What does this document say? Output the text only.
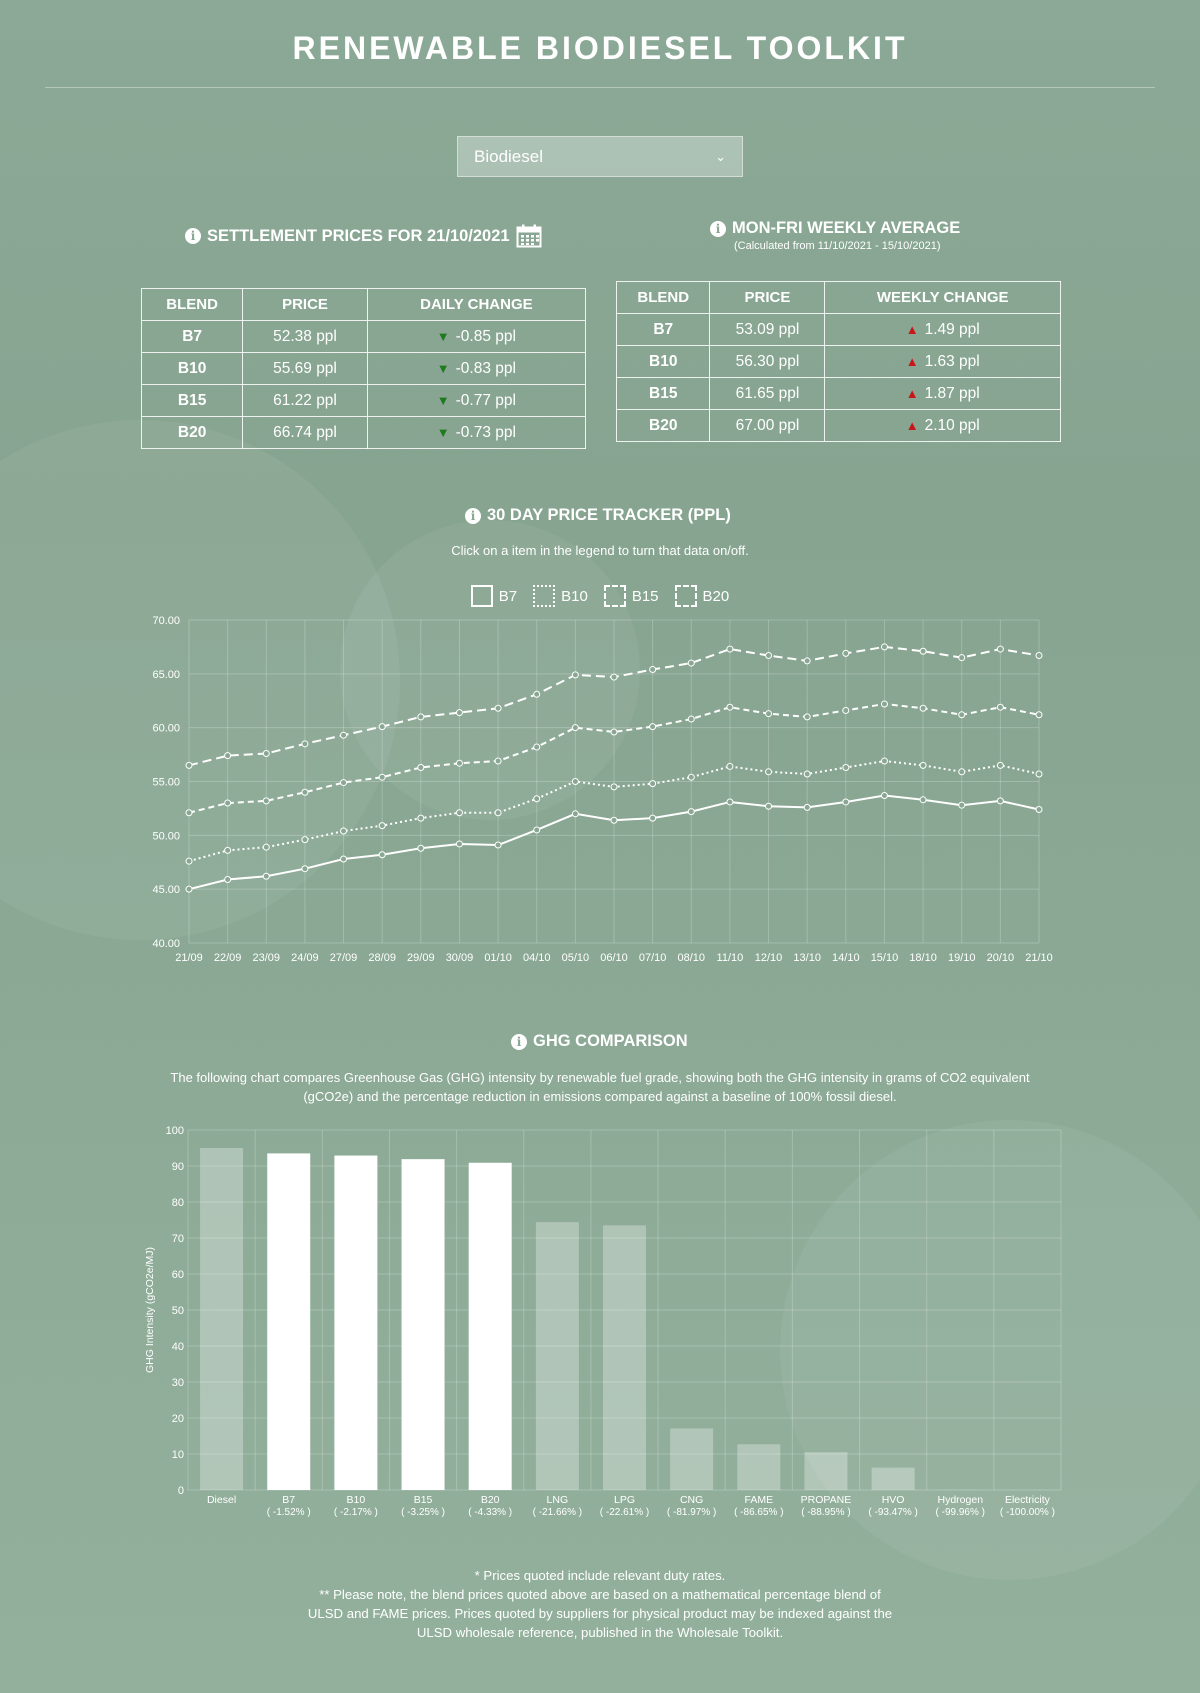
RENEWABLE BIODIESEL TOOLKIT
Biodiesel	⌄
i SETTLEMENT PRICES FOR 21/10/2021
BLEND	PRICE	DAILY CHANGE
B7	52.38 ppl	▼ -0.85 ppl
B10	55.69 ppl	▼ -0.83 ppl
B15	61.22 ppl	▼ -0.77 ppl
B20	66.74 ppl	▼ -0.73 ppl
i MON-FRI WEEKLY AVERAGE
(Calculated from 11/10/2021 - 15/10/2021)
BLEND	PRICE	WEEKLY CHANGE
B7	53.09 ppl	▲ 1.49 ppl
B10	56.30 ppl	▲ 1.63 ppl
B15	61.65 ppl	▲ 1.87 ppl
B20	67.00 ppl	▲ 2.10 ppl
i 30 DAY PRICE TRACKER (PPL)
Click on a item in the legend to turn that data on/off.
B7	B10	B15	B20
40.00
45.00
50.00
55.00
60.00
65.00
70.00
21/09 22/09 23/09 24/09 27/09 28/09 29/09 30/09 01/10 04/10 05/10 06/10 07/10 08/10 11/10 12/10 13/10 14/10 15/10 18/10 19/10 20/10 21/10
i GHG COMPARISON
The following chart compares Greenhouse Gas (GHG) intensity by renewable fuel grade, showing both the GHG intensity in grams of CO2 equivalent
(gCO2e) and the percentage reduction in emissions compared against a baseline of 100% fossil diesel.
0
10
20
30
40
50
60
70
80
90
100
GHG Intensity (gCO2e/MJ)
Diesel	B7
( -1.52% )
B10
( -2.17% )
B15
( -3.25% )
B20
( -4.33% )
LNG
( -21.66% )
LPG
( -22.61% )
CNG
( -81.97% )
FAME
( -86.65% )
PROPANE
( -88.95% )
HVO
( -93.47% )
Hydrogen
( -99.96% )
Electricity
( -100.00% )
* Prices quoted include relevant duty rates.
** Please note, the blend prices quoted above are based on a mathematical percentage blend of
ULSD and FAME prices. Prices quoted by suppliers for physical product may be indexed against the
ULSD wholesale reference, published in the Wholesale Toolkit.
